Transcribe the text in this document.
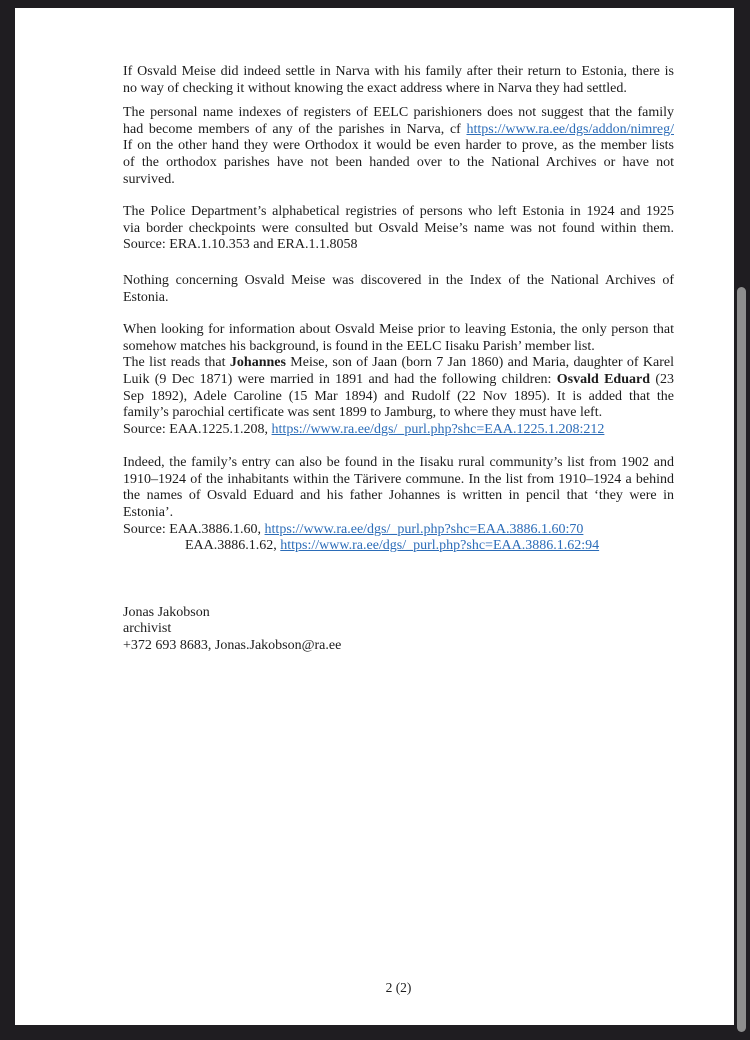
If Osvald Meise did indeed settle in Narva with his family after their return to Estonia, there is
no way of checking it without knowing the exact address where in Narva they had settled.
The personal name indexes of registers of EELC parishioners does not suggest that the family
had become members of any of the parishes in Narva, cf https://www.ra.ee/dgs/addon/nimreg/
If on the other hand they were Orthodox it would be even harder to prove, as the member lists
of the orthodox parishes have not been handed over to the National Archives or have not
survived.
The Police Department’s alphabetical registries of persons who left Estonia in 1924 and 1925
via border checkpoints were consulted but Osvald Meise’s name was not found within them.
Source: ERA.1.10.353 and ERA.1.1.8058
Nothing concerning Osvald Meise was discovered in the Index of the National Archives of
Estonia.
When looking for information about Osvald Meise prior to leaving Estonia, the only person that
somehow matches his background, is found in the EELC Iisaku Parish’ member list.
The list reads that Johannes Meise, son of Jaan (born 7 Jan 1860) and Maria, daughter of Karel
Luik (9 Dec 1871) were married in 1891 and had the following children: Osvald Eduard (23
Sep 1892), Adele Caroline (15 Mar 1894) and Rudolf (22 Nov 1895). It is added that the
family’s parochial certificate was sent 1899 to Jamburg, to where they must have left.
Source: EAA.1225.1.208, https://www.ra.ee/dgs/_purl.php?shc=EAA.1225.1.208:212
Indeed, the family’s entry can also be found in the Iisaku rural community’s list from 1902 and
1910–1924 of the inhabitants within the Tärivere commune. In the list from 1910–1924 a behind
the names of Osvald Eduard and his father Johannes is written in pencil that ‘they were in
Estonia’.
Source: EAA.3886.1.60, https://www.ra.ee/dgs/_purl.php?shc=EAA.3886.1.60:70
EAA.3886.1.62, https://www.ra.ee/dgs/_purl.php?shc=EAA.3886.1.62:94
Jonas Jakobson
archivist
+372 693 8683, Jonas.Jakobson@ra.ee
2 (2)
